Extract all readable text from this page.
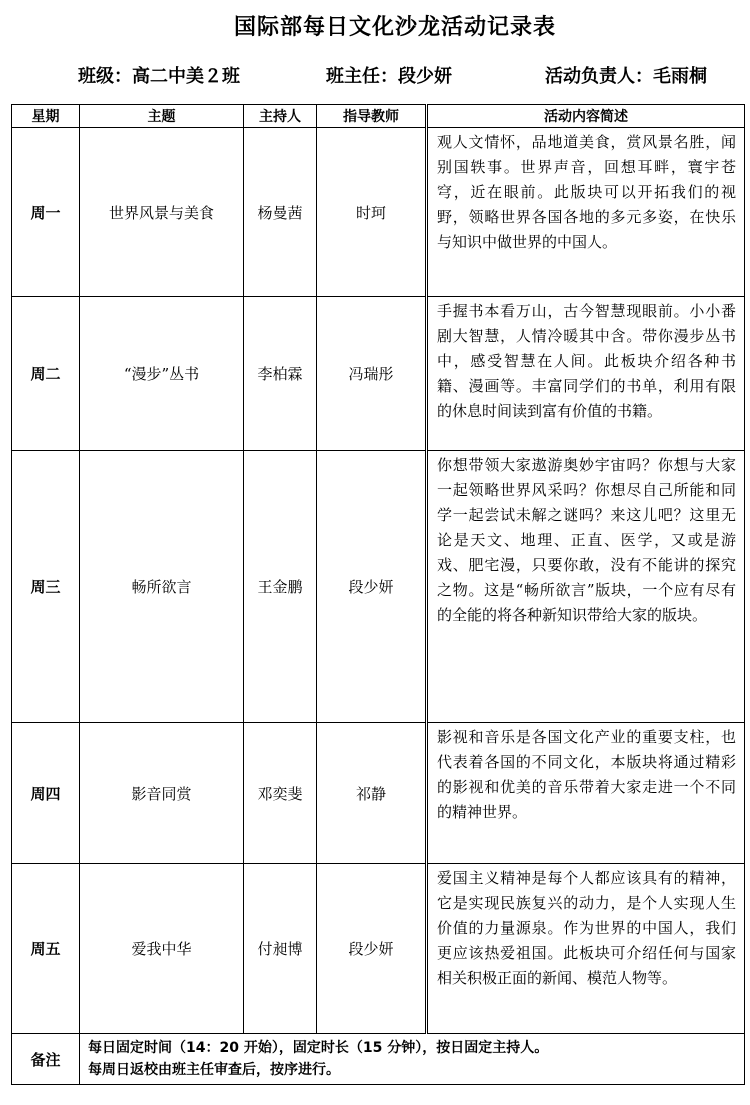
国际部每日文化沙龙活动记录表
班级：高二中美２班	班主任：段少妍	活动负责人：毛雨桐
星期	主题	主持人	指导教师	活动内容简述
周一	世界风景与美食	杨曼茜	时珂	观人文情怀，品地道美食，赏风景名胜，闻别国轶事。世界声音，回想耳畔，寰宇苍穹，近在眼前。此版块可以开拓我们的视野，领略世界各国各地的多元多姿，在快乐与知识中做世界的中国人。
周二	“漫步”丛书	李柏霖	冯瑞彤	手握书本看万山，古今智慧现眼前。小小番剧大智慧，人情冷暖其中含。带你漫步丛书中，感受智慧在人间。此板块介绍各种书籍、漫画等。丰富同学们的书单，利用有限的休息时间读到富有价值的书籍。
周三	畅所欲言	王金鹏	段少妍	你想带领大家遨游奥妙宇宙吗？你想与大家一起领略世界风采吗？你想尽自己所能和同学一起尝试未解之谜吗？来这儿吧？这里无论是天文、地理、正直、医学，又或是游戏、肥宅漫，只要你敢，没有不能讲的探究之物。这是“畅所欲言”版块，一个应有尽有的全能的将各种新知识带给大家的版块。
周四	影音同赏	邓奕斐	祁静	影视和音乐是各国文化产业的重要支柱，也代表着各国的不同文化，本版块将通过精彩的影视和优美的音乐带着大家走进一个不同的精神世界。
周五	爱我中华	付昶博	段少妍	爱国主义精神是每个人都应该具有的精神，它是实现民族复兴的动力，是个人实现人生价值的力量源泉。作为世界的中国人，我们更应该热爱祖国。此板块可介绍任何与国家相关积极正面的新闻、模范人物等。
备注	每日固定时间（14：20 开始），固定时长（15 分钟），按日固定主持人。
每周日返校由班主任审查后，按序进行。			
